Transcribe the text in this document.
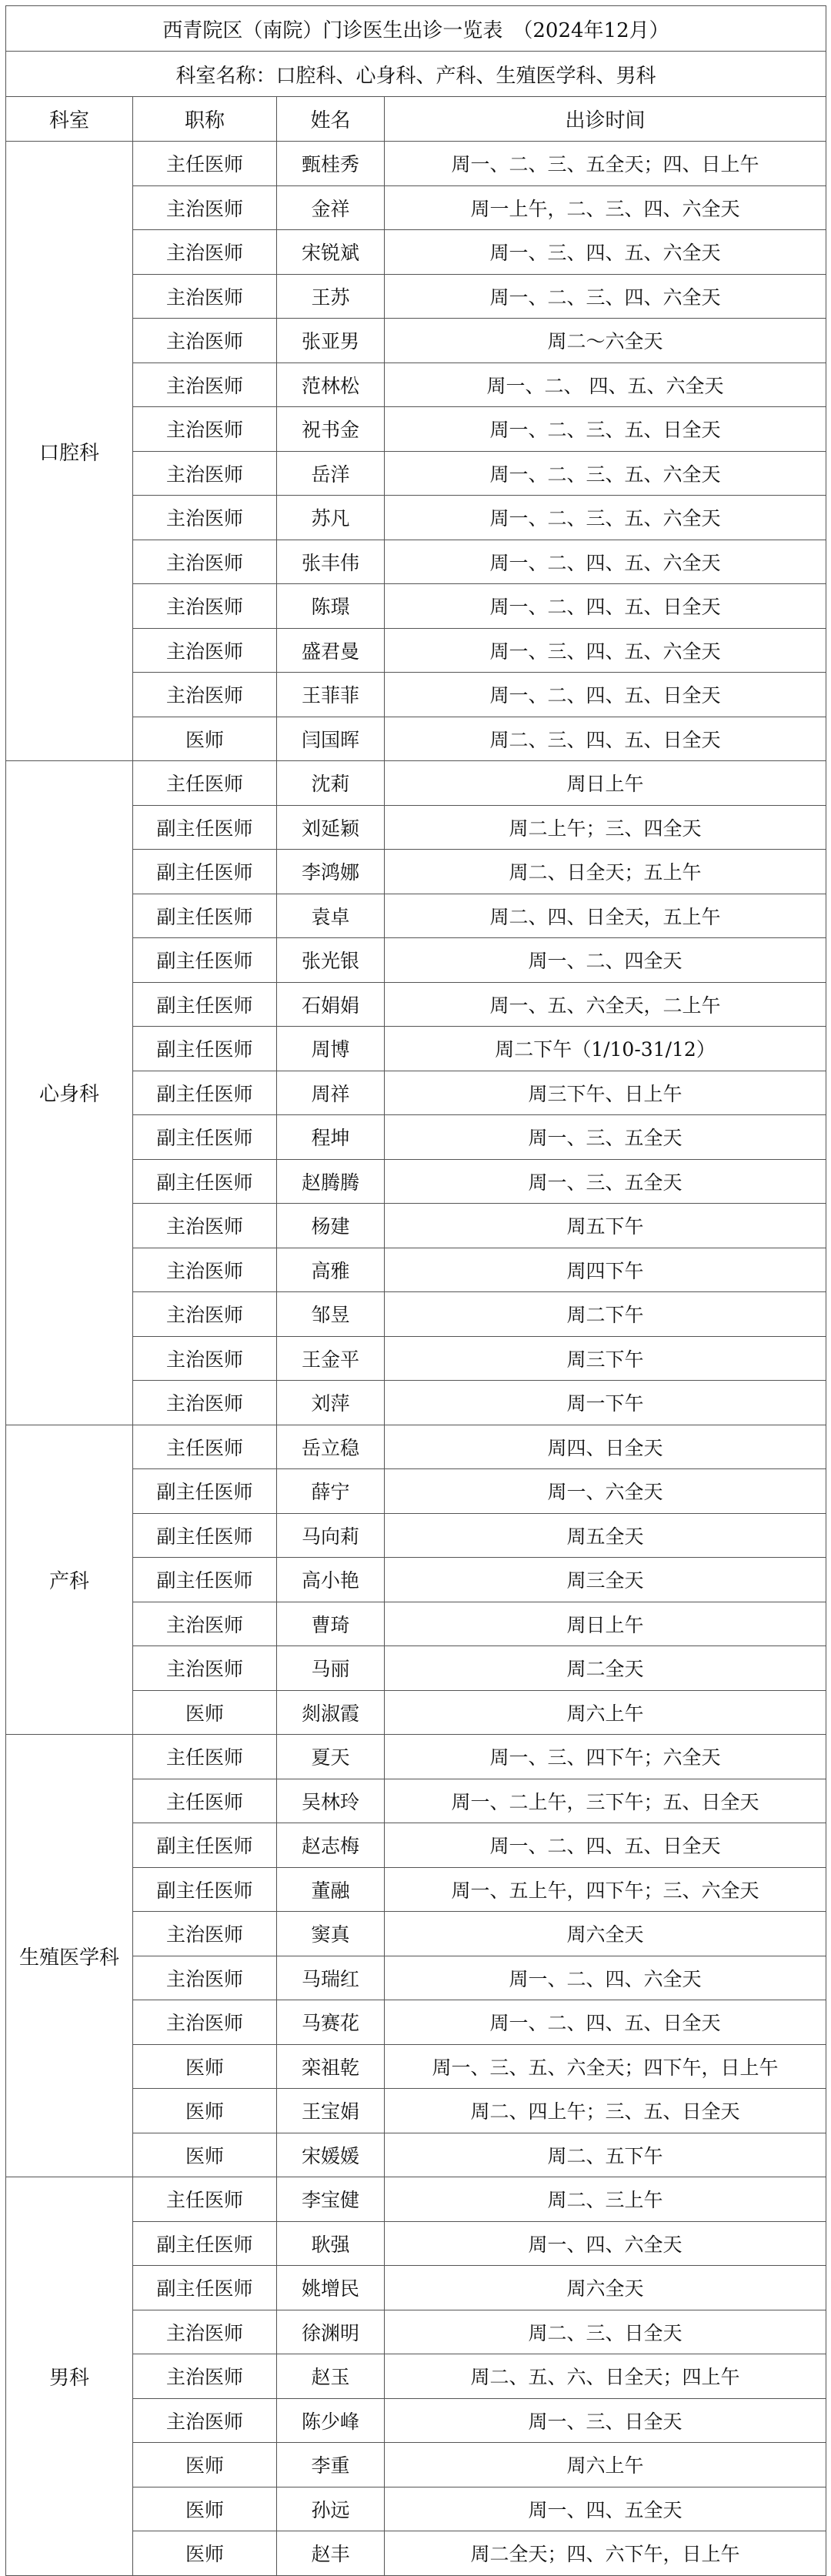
西青院区（南院）门诊医生出诊一览表　（2024年12月）			
科室名称：口腔科、心身科、产科、生殖医学科、男科			
科室	职称	姓名	出诊时间
口腔科	主任医师	甄桂秀	周一、二、三、五全天；四、日上午
	主治医师	金祥	周一上午，二、三、四、六全天
	主治医师	宋锐斌	周一、三、四、五、六全天
	主治医师	王苏	周一、二、三、四、六全天
	主治医师	张亚男	周二～六全天
	主治医师	范林松	周一、二、 四、五、六全天
	主治医师	祝书金	周一、二、三、五、日全天
	主治医师	岳洋	周一、二、三、五、六全天
	主治医师	苏凡	周一、二、三、五、六全天
	主治医师	张丰伟	周一、二、四、五、六全天
	主治医师	陈璟	周一、二、四、五、日全天
	主治医师	盛君曼	周一、三、四、五、六全天
	主治医师	王菲菲	周一、二、四、五、日全天
	医师	闫国晖	周二、三、四、五、日全天
心身科	主任医师	沈莉	周日上午
	副主任医师	刘延颖	周二上午；三、四全天
	副主任医师	李鸿娜	周二、日全天；五上午
	副主任医师	袁卓	周二、四、日全天，五上午
	副主任医师	张光银	周一、二、四全天
	副主任医师	石娟娟	周一、五、六全天，二上午
	副主任医师	周博	周二下午（1/10-31/12）
	副主任医师	周祥	周三下午、日上午
	副主任医师	程坤	周一、三、五全天
	副主任医师	赵腾腾	周一、三、五全天
	主治医师	杨建	周五下午
	主治医师	高雅	周四下午
	主治医师	邹昱	周二下午
	主治医师	王金平	周三下午
	主治医师	刘萍	周一下午
产科	主任医师	岳立稳	周四、日全天
	副主任医师	薛宁	周一、六全天
	副主任医师	马向莉	周五全天
	副主任医师	高小艳	周三全天
	主治医师	曹琦	周日上午
	主治医师	马丽	周二全天
	医师	剡淑霞	周六上午
生殖医学科	主任医师	夏天	周一、三、四下午；六全天
	主任医师	吴林玲	周一、二上午，三下午；五、日全天
	副主任医师	赵志梅	周一、二、四、五、日全天
	副主任医师	董融	周一、五上午，四下午；三、六全天
	主治医师	窦真	周六全天
	主治医师	马瑞红	周一、二、四、六全天
	主治医师	马赛花	周一、二、四、五、日全天
	医师	栾祖乾	周一、三、五、六全天；四下午，日上午
	医师	王宝娟	周二、四上午；三、五、日全天
	医师	宋媛媛	周二、五下午
男科	主任医师	李宝健	周二、三上午
	副主任医师	耿强	周一、四、六全天
	副主任医师	姚增民	周六全天
	主治医师	徐渊明	周二、三、日全天
	主治医师	赵玉	周二、五、六、日全天；四上午
	主治医师	陈少峰	周一、三、日全天
	医师	李重	周六上午
	医师	孙远	周一、四、五全天
	医师	赵丰	周二全天；四、六下午，日上午
